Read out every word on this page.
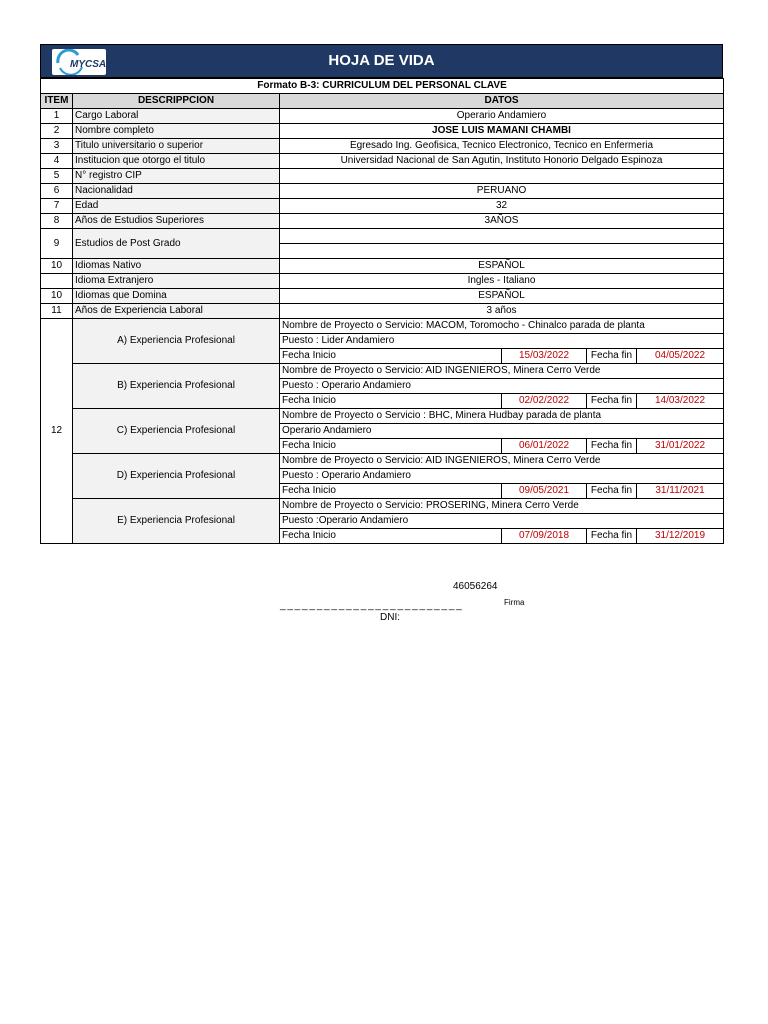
MYCSA	HOJA DE VIDA
Formato B-3: CURRICULUM DEL PERSONAL CLAVE					
ITEM	DESCRIPPCION	DATOS			
1	Cargo Laboral	Operario Andamiero			
2	Nombre completo	JOSE LUIS MAMANI CHAMBI			
3	Titulo universitario o superior	Egresado Ing. Geofisica, Tecnico Electronico, Tecnico en Enfermeria			
4	Institucion que otorgo el titulo	Universidad Nacional de San Agutin, Instituto Honorio Delgado Espinoza			
5	N° registro CIP				
6	Nacionalidad	PERUANO			
7	Edad	32			
8	Años de Estudios Superiores	3AÑOS			
9	Estudios de Post Grado				

10	Idiomas Nativo	ESPAÑOL			
	Idioma Extranjero	Ingles - Italiano			
10	Idiomas que Domina	ESPAÑOL			
11	Años de Experiencia Laboral	3 años			
12	A) Experiencia Profesional	Nombre de Proyecto o Servicio: MACOM, Toromocho - Chinalco parada de planta			
		Puesto : Lider Andamiero			
		Fecha Inicio	15/03/2022	Fecha fin	04/05/2022
	B) Experiencia Profesional	Nombre de Proyecto o Servicio: AID INGENIEROS, Minera Cerro Verde			
		Puesto : Operario Andamiero			
		Fecha Inicio	02/02/2022	Fecha fin	14/03/2022
	C) Experiencia Profesional	Nombre de Proyecto o Servicio : BHC, Minera Hudbay parada de planta			
		Operario Andamiero			
		Fecha Inicio	06/01/2022	Fecha fin	31/01/2022
	D) Experiencia Profesional	Nombre de Proyecto o Servicio: AID INGENIEROS, Minera Cerro Verde			
		Puesto : Operario Andamiero			
		Fecha Inicio	09/05/2021	Fecha fin	31/11/2021
	E) Experiencia Profesional	Nombre de Proyecto o Servicio: PROSERING, Minera Cerro Verde			
		Puesto :Operario Andamiero			
		Fecha Inicio	07/09/2018	Fecha fin	31/12/2019
46056264
_ _ _ _ _ _ _ _ _ _ _ _ _ _ _ _ _ _ _ _ _ _ _ _ _	Firma
DNI:
